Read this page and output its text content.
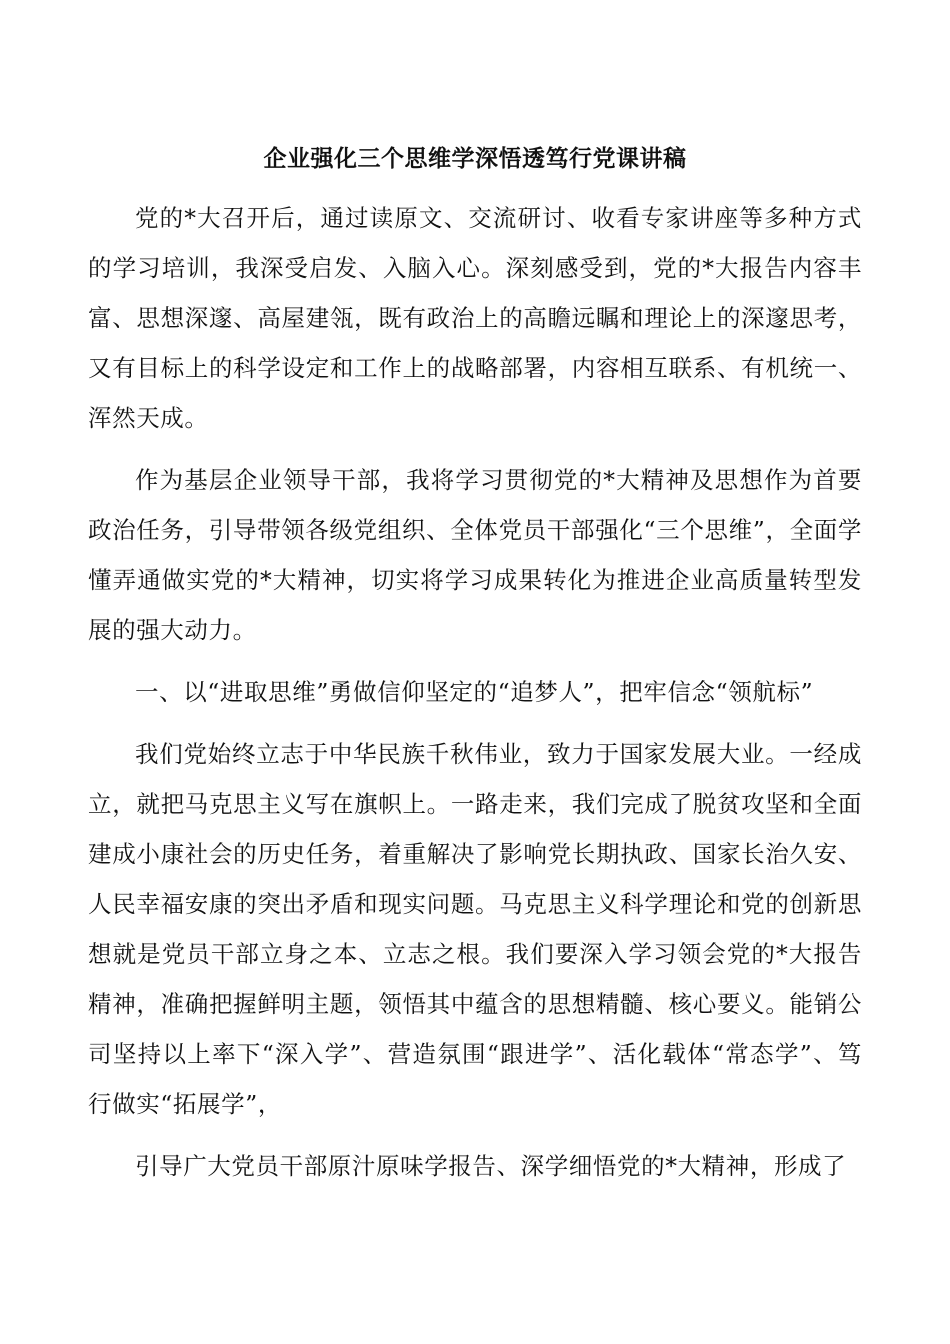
企业强化三个思维学深悟透笃行党课讲稿

党的*大召开后，通过读原文、交流研讨、收看专家讲座等多种方式的学习培训，我深受启发、入脑入心。深刻感受到，党的*大报告内容丰富、思想深邃、高屋建瓴，既有政治上的高瞻远瞩和理论上的深邃思考，又有目标上的科学设定和工作上的战略部署，内容相互联系、有机统一、浑然天成。

作为基层企业领导干部，我将学习贯彻党的*大精神及思想作为首要政治任务，引导带领各级党组织、全体党员干部强化“三个思维”，全面学懂弄通做实党的*大精神，切实将学习成果转化为推进企业高质量转型发展的强大动力。

一、以“进取思维”勇做信仰坚定的“追梦人”，把牢信念“领航标”

我们党始终立志于中华民族千秋伟业，致力于国家发展大业。一经成立，就把马克思主义写在旗帜上。一路走来，我们完成了脱贫攻坚和全面建成小康社会的历史任务，着重解决了影响党长期执政、国家长治久安、人民幸福安康的突出矛盾和现实问题。马克思主义科学理论和党的创新思想就是党员干部立身之本、立志之根。我们要深入学习领会党的*大报告精神，准确把握鲜明主题，领悟其中蕴含的思想精髓、核心要义。能销公司坚持以上率下“深入学”、营造氛围“跟进学”、活化载体“常态学”、笃行做实“拓展学”，

引导广大党员干部原汁原味学报告、深学细悟党的*大精神，形成了
